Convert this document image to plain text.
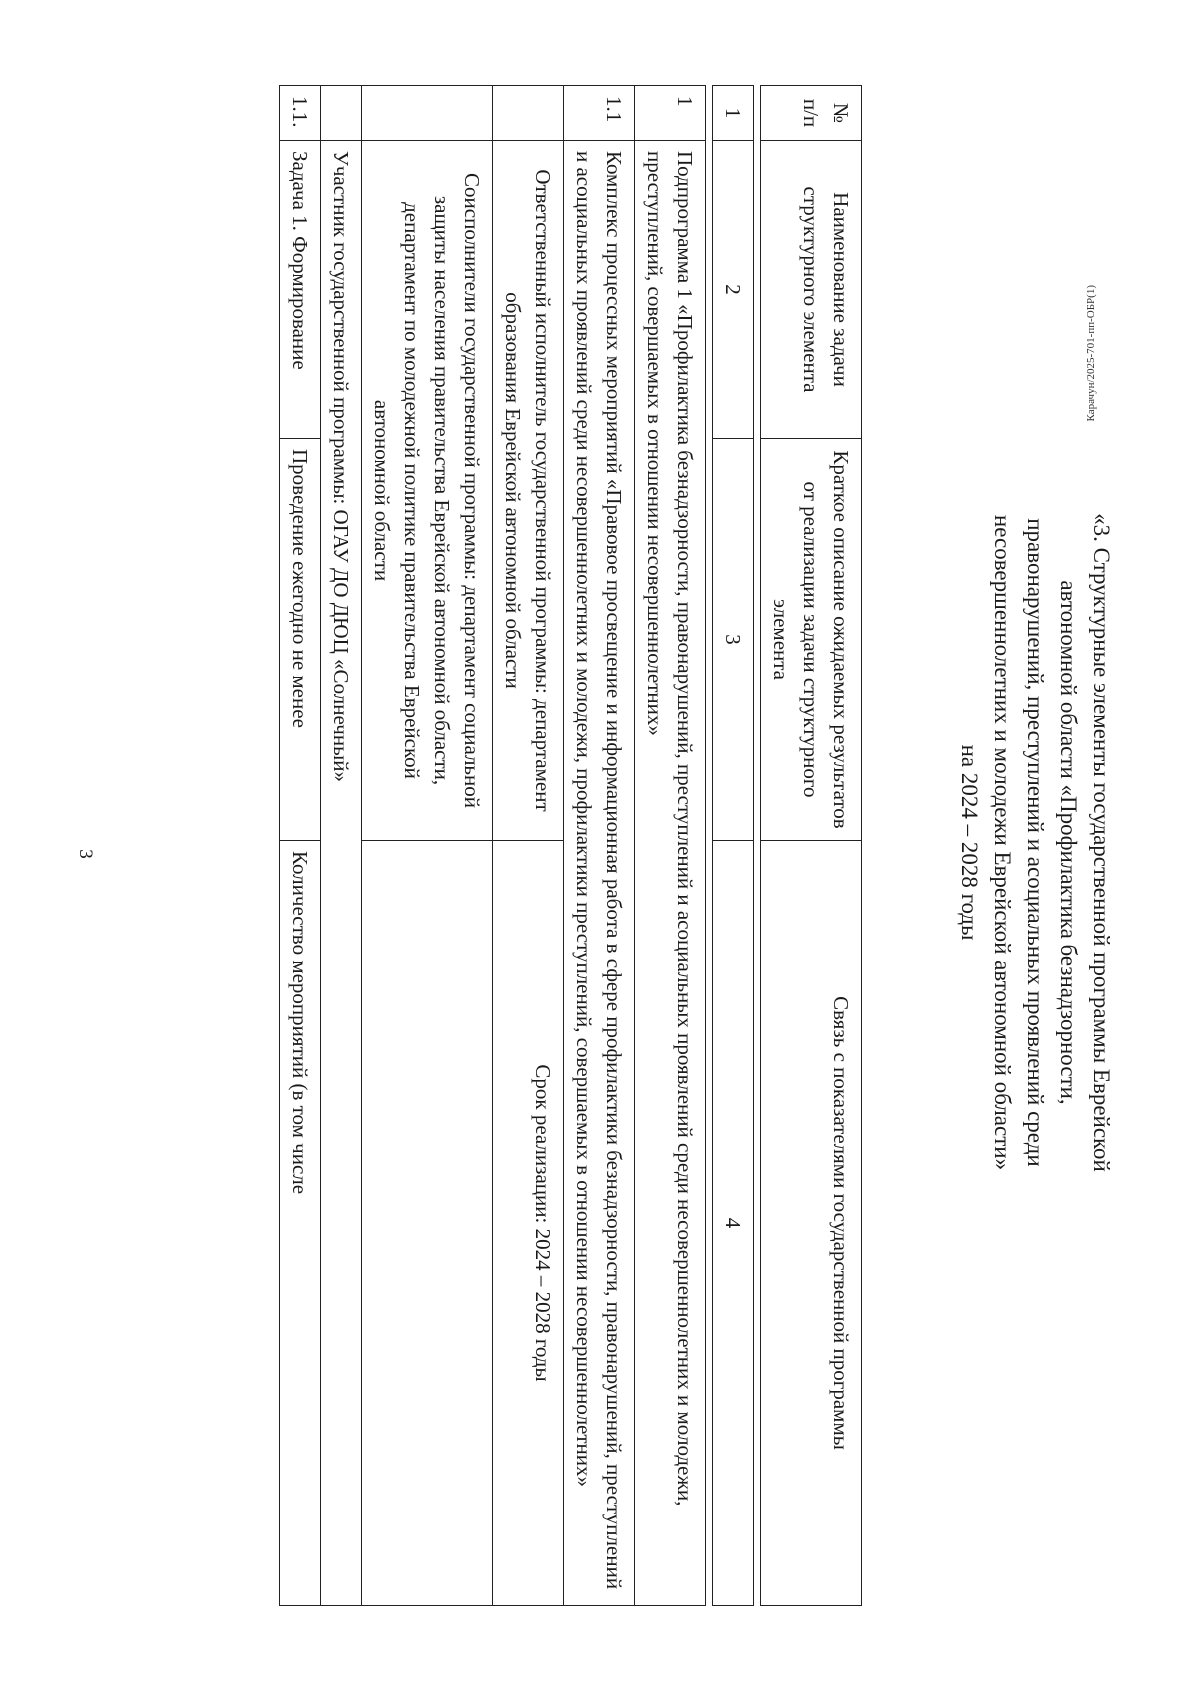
3
Карачун/2025-701-пп-ОБР(1)
«3. Структурные элементы государственной программы Еврейской
автономной области «Профилактика безнадзорности,
правонарушений, преступлений и асоциальных проявлений среди
несовершеннолетних и молодежи Еврейской автономной области»
на 2024 – 2028 годы
№ п/п	Наименование задачи структурного элемента	Краткое описание ожидаемых результатов от реализации задачи структурного элемента	Связь с показателями государственной программы

1	2	3	4

1	Подпрограмма 1 «Профилактика безнадзорности, правонарушений, преступлений и асоциальных проявлений среди несовершеннолетних и молодежи, преступлений, совершаемых в отношении несовершеннолетних»		
1.1	Комплекс процессных мероприятий «Правовое просвещение и информационная работа в сфере профилактики безнадзорности, правонарушений, преступлений и асоциальных проявлений среди несовершеннолетних и молодежи, профилактики преступлений, совершаемых в отношении несовершеннолетних»		
	Ответственный исполнитель государственной программы: департамент образования Еврейской автономной области		Срок реализации: 2024 – 2028 годы
	Соисполнители государственной программы: департамент социальной защиты населения правительства Еврейской автономной области, департамент по молодежной политике правительства Еврейской автономной области		
	Участник государственной программы: ОГАУ ДО ДЮЦ «Солнечный»		
1.1.	Задача 1. Формирование	Проведение ежегодно не менее	Количество мероприятий (в том числе
